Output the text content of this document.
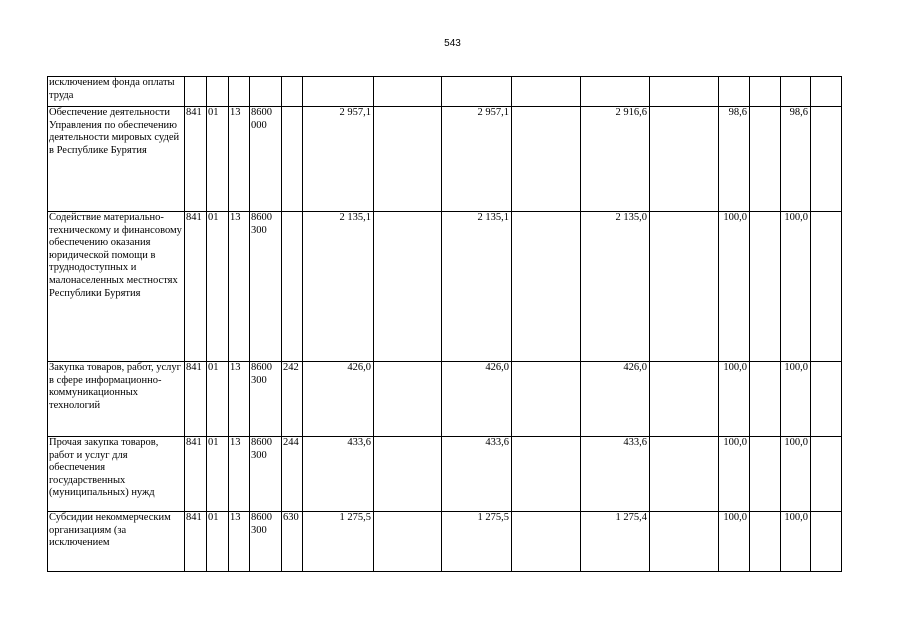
543
исключением фонда оплаты труда															
Обеспечение деятельности Управления по обеспечению деятельности мировых судей в Республике Бурятия	841	01	13	8600 000		2 957,1		2 957,1		2 916,6		98,6		98,6	
Содействие материально-техническому и финансовому обеспечению оказания юридической помощи в труднодоступных и малонаселенных местностях Республики Бурятия	841	01	13	8600 300		2 135,1		2 135,1		2 135,0		100,0		100,0	
Закупка товаров, работ, услуг в сфере информационно-коммуникационных технологий	841	01	13	8600 300	242	426,0		426,0		426,0		100,0		100,0	
Прочая закупка товаров, работ и услуг для обеспечения государственных (муниципальных) нужд	841	01	13	8600 300	244	433,6		433,6		433,6		100,0		100,0	
Субсидии некоммерческим организациям (за исключением	841	01	13	8600 300	630	1 275,5		1 275,5		1 275,4		100,0		100,0	
